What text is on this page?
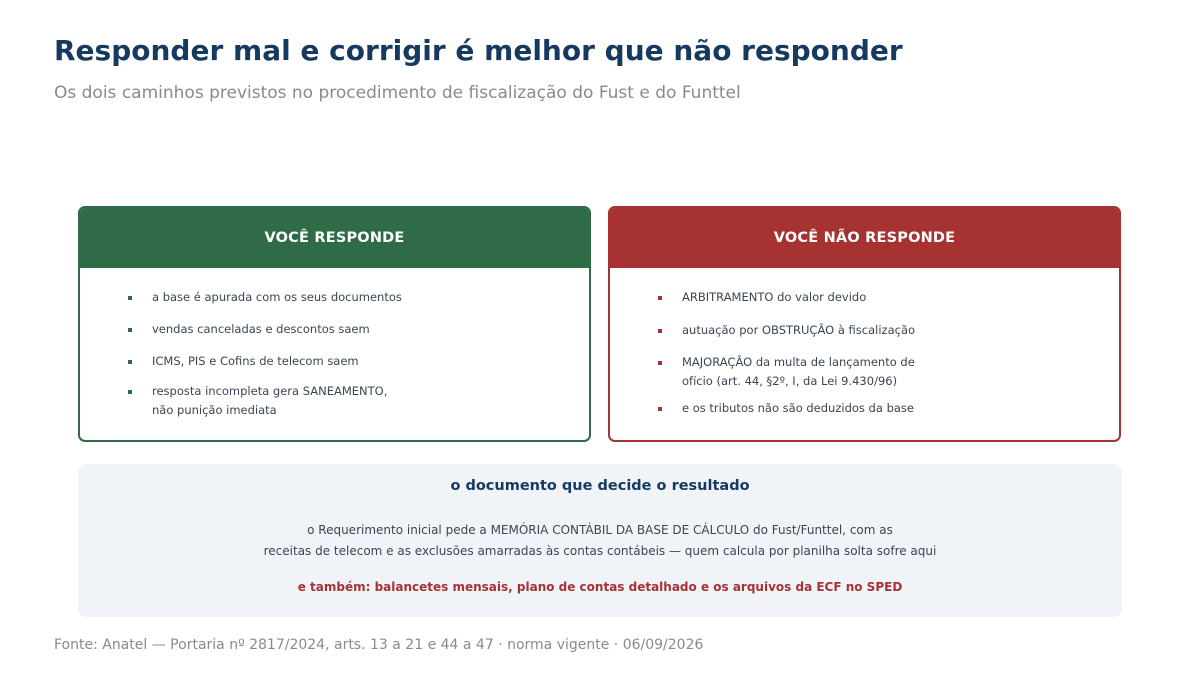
Responder mal e corrigir é melhor que não responder
Os dois caminhos previstos no procedimento de fiscalização do Fust e do Funttel
VOCÊ RESPONDE
a base é apurada com os seus documentos
vendas canceladas e descontos saem
ICMS, PIS e Cofins de telecom saem
resposta incompleta gera SANEAMENTO,
não punição imediata
VOCÊ NÃO RESPONDE
ARBITRAMENTO do valor devido
autuação por OBSTRUÇÃO à fiscalização
MAJORAÇÃO da multa de lançamento de
ofício (art. 44, §2º, I, da Lei 9.430/96)
e os tributos não são deduzidos da base
o documento que decide o resultado
o Requerimento inicial pede a MEMÓRIA CONTÁBIL DA BASE DE CÁLCULO do Fust/Funttel, com as
receitas de telecom e as exclusões amarradas às contas contábeis — quem calcula por planilha solta sofre aqui
e também: balancetes mensais, plano de contas detalhado e os arquivos da ECF no SPED
Fonte: Anatel — Portaria nº 2817/2024, arts. 13 a 21 e 44 a 47 · norma vigente · 06/09/2026
